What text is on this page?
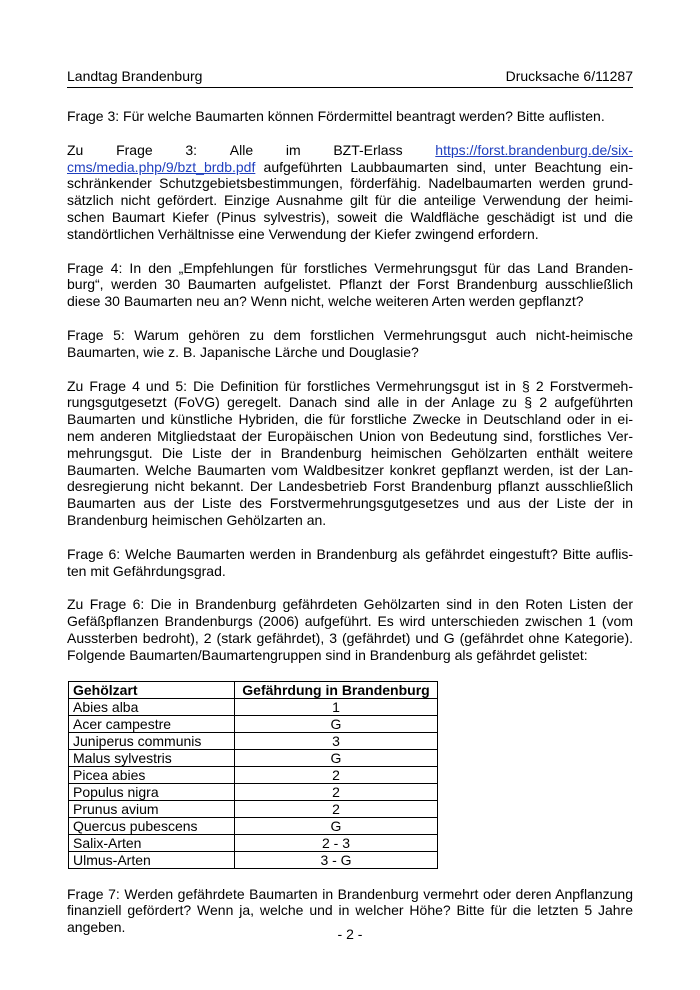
Landtag Brandenburg	Drucksache 6/11287

Frage 3: Für welche Baumarten können Fördermittel beantragt werden? Bitte auflisten.

Zu Frage 3: Alle im BZT-Erlass https://forst.brandenburg.de/six-

cms/media.php/9/bzt_brdb.pdf aufgeführten Laubbaumarten sind, unter Beachtung ein-schränkender Schutzgebietsbestimmungen, förderfähig. Nadelbaumarten werden grund-sätzlich nicht gefördert. Einzige Ausnahme gilt für die anteilige Verwendung der heimi-schen Baumart Kiefer (Pinus sylvestris), soweit die Waldfläche geschädigt ist und die standörtlichen Verhältnisse eine Verwendung der Kiefer zwingend erfordern.

Frage 4: In den „Empfehlungen für forstliches Vermehrungsgut für das Land Branden-burg“, werden 30 Baumarten aufgelistet. Pflanzt der Forst Brandenburg ausschließlich diese 30 Baumarten neu an? Wenn nicht, welche weiteren Arten werden gepflanzt?

Frage 5: Warum gehören zu dem forstlichen Vermehrungsgut auch nicht-heimische Baumarten, wie z. B. Japanische Lärche und Douglasie?

Zu Frage 4 und 5: Die Definition für forstliches Vermehrungsgut ist in § 2 Forstvermeh-rungsgutgesetzt (FoVG) geregelt. Danach sind alle in der Anlage zu § 2 aufgeführten Baumarten und künstliche Hybriden, die für forstliche Zwecke in Deutschland oder in ei-nem anderen Mitgliedstaat der Europäischen Union von Bedeutung sind, forstliches Ver-mehrungsgut. Die Liste der in Brandenburg heimischen Gehölzarten enthält weitere Baumarten. Welche Baumarten vom Waldbesitzer konkret gepflanzt werden, ist der Lan-desregierung nicht bekannt. Der Landesbetrieb Forst Brandenburg pflanzt ausschließlich Baumarten aus der Liste des Forstvermehrungsgutgesetzes und aus der Liste der in Brandenburg heimischen Gehölzarten an.

Frage 6: Welche Baumarten werden in Brandenburg als gefährdet eingestuft? Bitte auflis-ten mit Gefährdungsgrad.

Zu Frage 6: Die in Brandenburg gefährdeten Gehölzarten sind in den Roten Listen der Gefäßpflanzen Brandenburgs (2006) aufgeführt. Es wird unterschieden zwischen 1 (vom Aussterben bedroht), 2 (stark gefährdet), 3 (gefährdet) und G (gefährdet ohne Kategorie). Folgende Baumarten/Baumartengruppen sind in Brandenburg als gefährdet gelistet:

Gehölzart	Gefährdung in Brandenburg
Abies alba	1
Acer campestre	G
Juniperus communis	3
Malus sylvestris	G
Picea abies	2
Populus nigra	2
Prunus avium	2
Quercus pubescens	G
Salix-Arten	2 - 3
Ulmus-Arten	3 - G

Frage 7: Werden gefährdete Baumarten in Brandenburg vermehrt oder deren Anpflanzung finanziell gefördert? Wenn ja, welche und in welcher Höhe? Bitte für die letzten 5 Jahre angeben.	- 2 -
